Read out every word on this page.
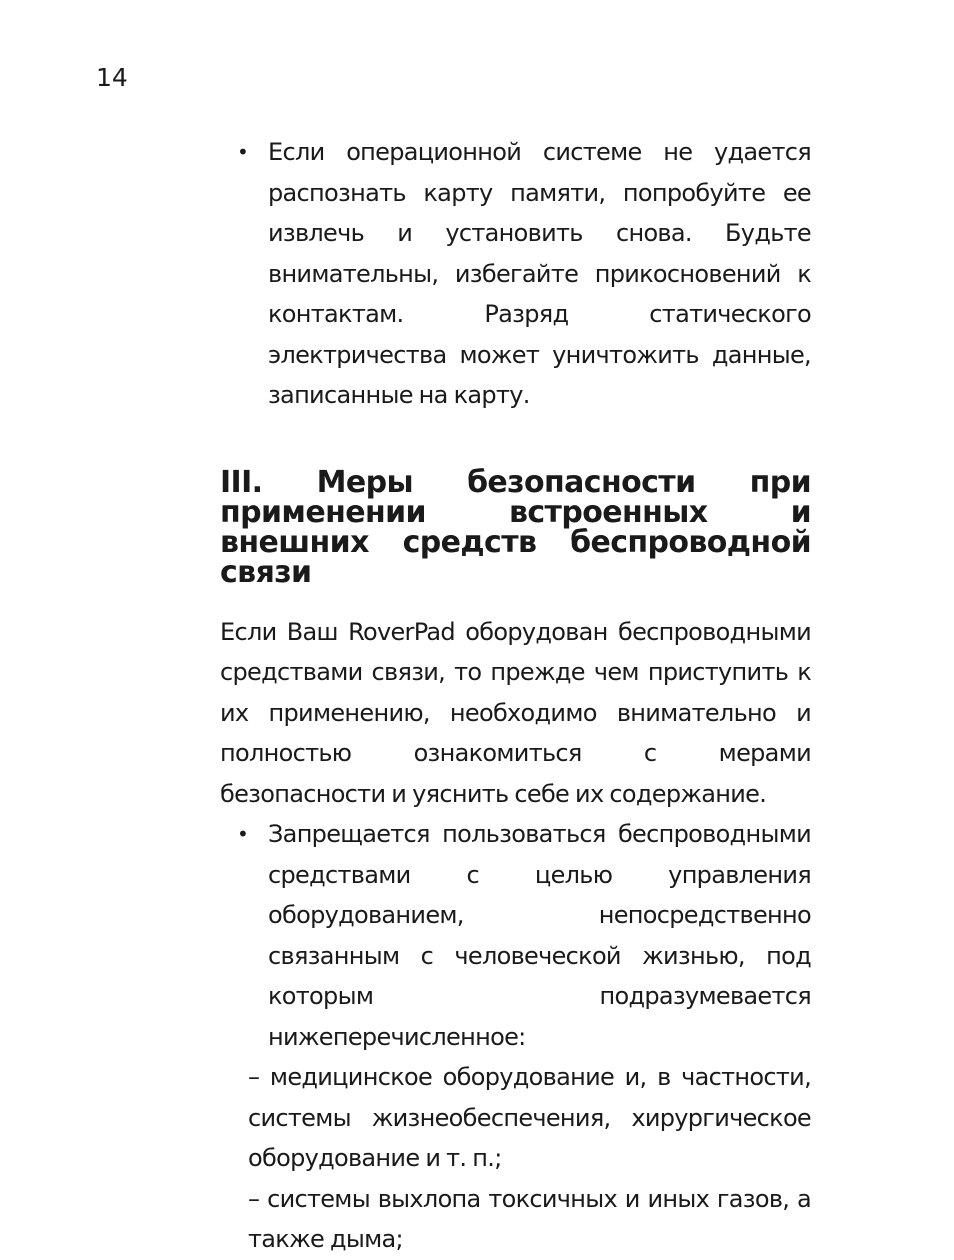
14
• Если операционной системе не удается распознать карту памяти, попробуйте ее извлечь и установить снова. Будьте внимательны, избегайте прикосновений к контактам. Разряд статического электричества может уничтожить данные, записанные на карту.
III. Меры безопасности при применении встроенных и внешних средств беспроводной связи
Если Ваш RoverPad оборудован беспроводными средствами связи, то прежде чем приступить к их применению, необходимо внимательно и полностью ознакомиться с мерами безопасности и уяснить себе их содержание.
• Запрещается пользоваться беспроводными средствами с целью управления оборудованием, непосредственно связанным с человеческой жизнью, под которым подразумевается нижеперечисленное:
– медицинское оборудование и, в частности, системы жизнеобеспечения, хирургическое оборудование и т. п.;
– системы выхлопа токсичных и иных газов, а также дыма;
